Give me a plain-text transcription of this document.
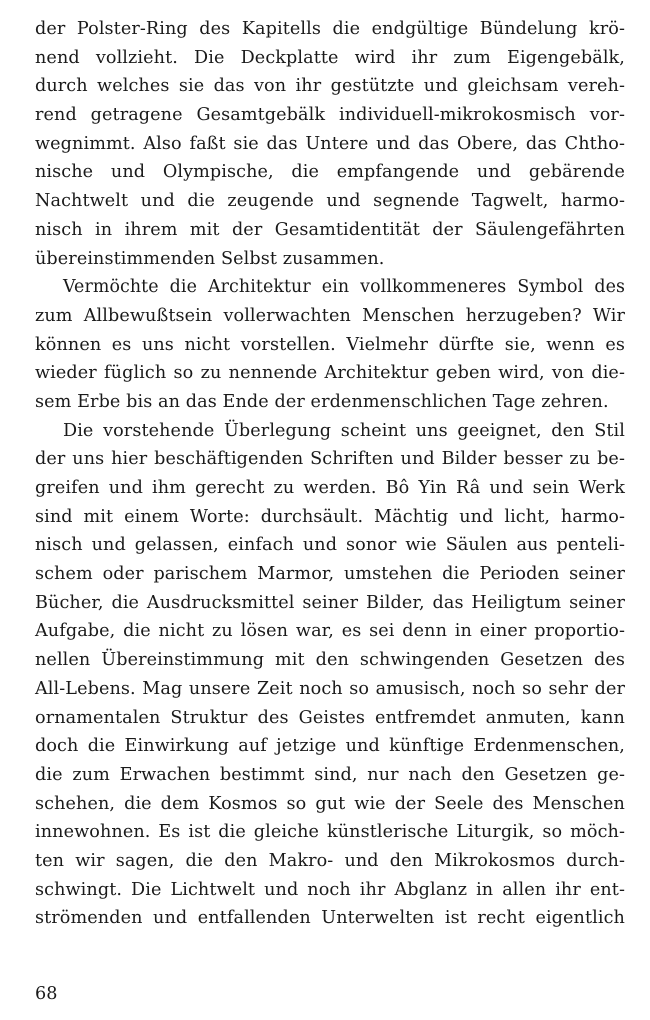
der Polster-Ring des Kapitells die endgültige Bündelung krö-
nend vollzieht. Die Deckplatte wird ihr zum Eigengebälk,
durch welches sie das von ihr gestützte und gleichsam vereh-
rend getragene Gesamtgebälk individuell-mikrokosmisch vor-
wegnimmt. Also faßt sie das Untere und das Obere, das Chtho-
nische und Olympische, die empfangende und gebärende
Nachtwelt und die zeugende und segnende Tagwelt, harmo-
nisch in ihrem mit der Gesamtidentität der Säulengefährten
übereinstimmenden Selbst zusammen.
Vermöchte die Architektur ein vollkommeneres Symbol des
zum Allbewußtsein vollerwachten Menschen herzugeben? Wir
können es uns nicht vorstellen. Vielmehr dürfte sie, wenn es
wieder füglich so zu nennende Architektur geben wird, von die-
sem Erbe bis an das Ende der erdenmenschlichen Tage zehren.
Die vorstehende Überlegung scheint uns geeignet, den Stil
der uns hier beschäftigenden Schriften und Bilder besser zu be-
greifen und ihm gerecht zu werden. Bô Yin Râ und sein Werk
sind mit einem Worte: durchsäult. Mächtig und licht, harmo-
nisch und gelassen, einfach und sonor wie Säulen aus penteli-
schem oder parischem Marmor, umstehen die Perioden seiner
Bücher, die Ausdrucksmittel seiner Bilder, das Heiligtum seiner
Aufgabe, die nicht zu lösen war, es sei denn in einer proportio-
nellen Übereinstimmung mit den schwingenden Gesetzen des
All-Lebens. Mag unsere Zeit noch so amusisch, noch so sehr der
ornamentalen Struktur des Geistes entfremdet anmuten, kann
doch die Einwirkung auf jetzige und künftige Erdenmenschen,
die zum Erwachen bestimmt sind, nur nach den Gesetzen ge-
schehen, die dem Kosmos so gut wie der Seele des Menschen
innewohnen. Es ist die gleiche künstlerische Liturgik, so möch-
ten wir sagen, die den Makro- und den Mikrokosmos durch-
schwingt. Die Lichtwelt und noch ihr Abglanz in allen ihr ent-
strömenden und entfallenden Unterwelten ist recht eigentlich
68
